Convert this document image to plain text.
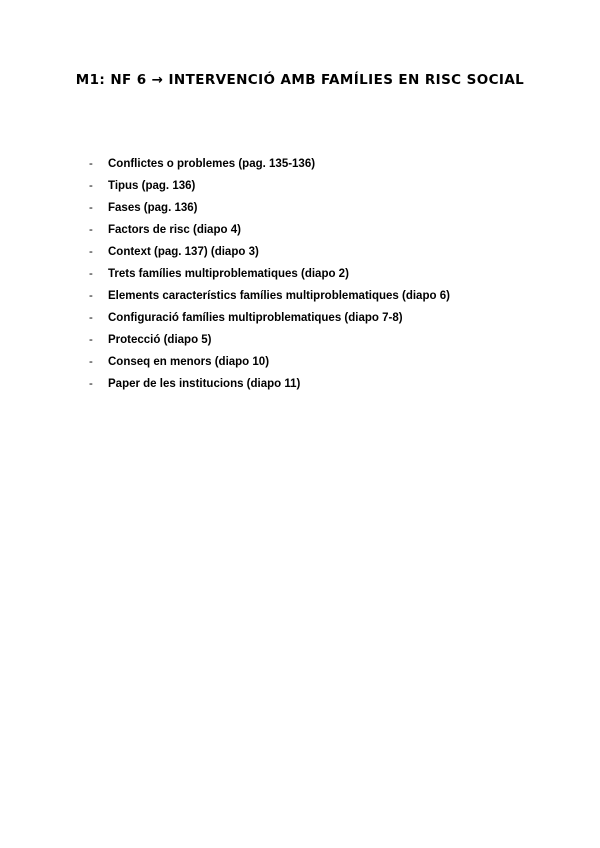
M1: NF 6 → INTERVENCIÓ AMB FAMÍLIES EN RISC SOCIAL
- Conflictes o problemes (pag. 135-136)
- Tipus (pag. 136)
- Fases (pag. 136)
- Factors de risc (diapo 4)
- Context (pag. 137) (diapo 3)
- Trets famílies multiproblematiques (diapo 2)
- Elements característics famílies multiproblematiques (diapo 6)
- Configuració famílies multiproblematiques (diapo 7-8)
- Protecció (diapo 5)
- Conseq en menors (diapo 10)
- Paper de les institucions (diapo 11)
